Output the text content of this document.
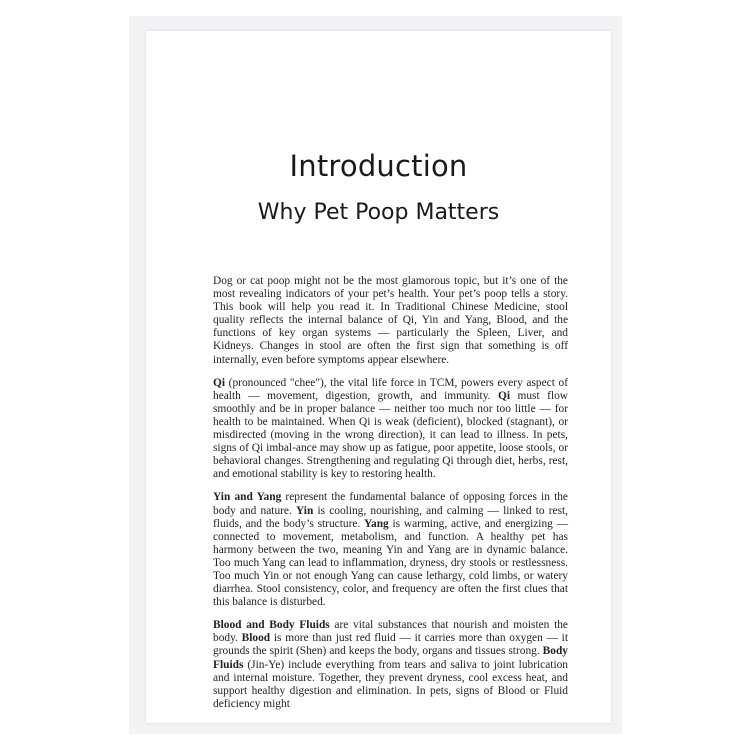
Introduction
Why Pet Poop Matters

Dog or cat poop might not be the most glamorous topic, but it’s one of the most revealing indicators of your pet’s health. Your pet’s poop tells a story. This book will help you read it. In Traditional Chinese Medicine, stool quality reflects the internal balance of Qi, Yin and Yang, Blood, and the functions of key organ systems — particularly the Spleen, Liver, and Kidneys. Changes in stool are often the first sign that something is off internally, even before symptoms appear elsewhere.

Qi (pronounced "chee"), the vital life force in TCM, powers every aspect of health — movement, digestion, growth, and immunity. Qi must flow smoothly and be in proper balance — neither too much nor too little — for health to be maintained. When Qi is weak (deficient), blocked (stagnant), or misdirected (moving in the wrong direction), it can lead to illness. In pets, signs of Qi imbal-ance may show up as fatigue, poor appetite, loose stools, or behavioral changes. Strengthening and regulating Qi through diet, herbs, rest, and emotional stability is key to restoring health.

Yin and Yang represent the fundamental balance of opposing forces in the body and nature. Yin is cooling, nourishing, and calming — linked to rest, fluids, and the body’s structure. Yang is warming, active, and energizing — connected to movement, metabolism, and function. A healthy pet has harmony between the two, meaning Yin and Yang are in dynamic balance. Too much Yang can lead to inflammation, dryness, dry stools or restlessness. Too much Yin or not enough Yang can cause lethargy, cold limbs, or watery diarrhea. Stool consistency, color, and frequency are often the first clues that this balance is disturbed.

Blood and Body Fluids are vital substances that nourish and moisten the body. Blood is more than just red fluid — it carries more than oxygen — it grounds the spirit (Shen) and keeps the body, organs and tissues strong. Body Fluids (Jin-Ye) include everything from tears and saliva to joint lubrication and internal moisture. Together, they prevent dryness, cool excess heat, and support healthy digestion and elimination. In pets, signs of Blood or Fluid deficiency might
